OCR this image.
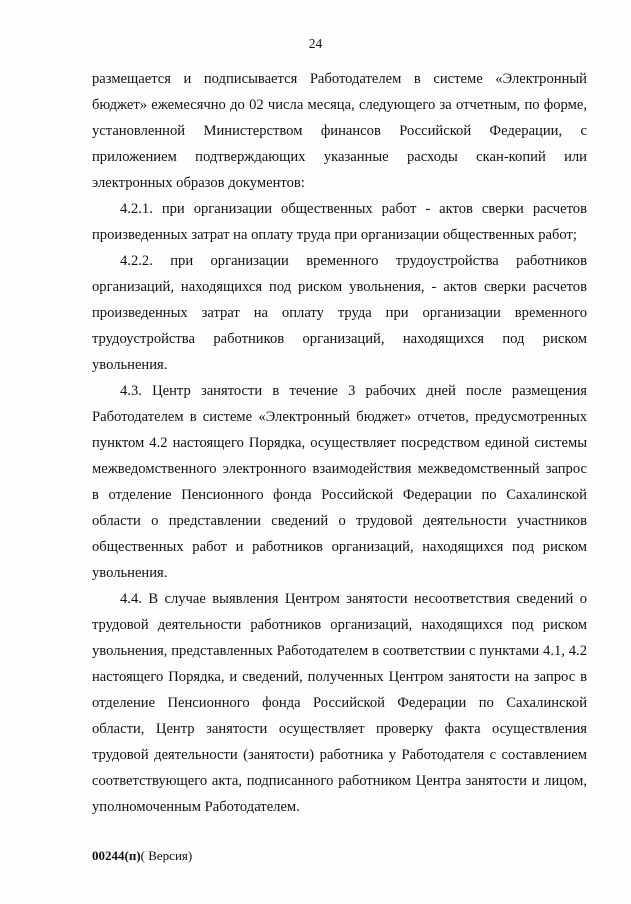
24

размещается и подписывается Работодателем в системе «Электронный бюджет» ежемесячно до 02 числа месяца, следующего за отчетным, по форме, установленной Министерством финансов Российской Федерации, с приложением подтверждающих указанные расходы скан-копий или электронных образов документов:

4.2.1. при организации общественных работ - актов сверки расчетов произведенных затрат на оплату труда при организации общественных работ;

4.2.2. при организации временного трудоустройства работников организаций, находящихся под риском увольнения, - актов сверки расчетов произведенных затрат на оплату труда при организации временного трудоустройства работников организаций, находящихся под риском увольнения.

4.3. Центр занятости в течение 3 рабочих дней после размещения Работодателем в системе «Электронный бюджет» отчетов, предусмотренных пунктом 4.2 настоящего Порядка, осуществляет посредством единой системы межведомственного электронного взаимодействия межведомственный запрос в отделение Пенсионного фонда Российской Федерации по Сахалинской области о представлении сведений о трудовой деятельности участников общественных работ и работников организаций, находящихся под риском увольнения.

4.4. В случае выявления Центром занятости несоответствия сведений о трудовой деятельности работников организаций, находящихся под риском увольнения, представленных Работодателем в соответствии с пунктами 4.1, 4.2 настоящего Порядка, и сведений, полученных Центром занятости на запрос в отделение Пенсионного фонда Российской Федерации по Сахалинской области, Центр занятости осуществляет проверку факта осуществления трудовой деятельности (занятости) работника у Работодателя с составлением соответствующего акта, подписанного работником Центра занятости и лицом, уполномоченным Работодателем.

00244(п)( Версия)
